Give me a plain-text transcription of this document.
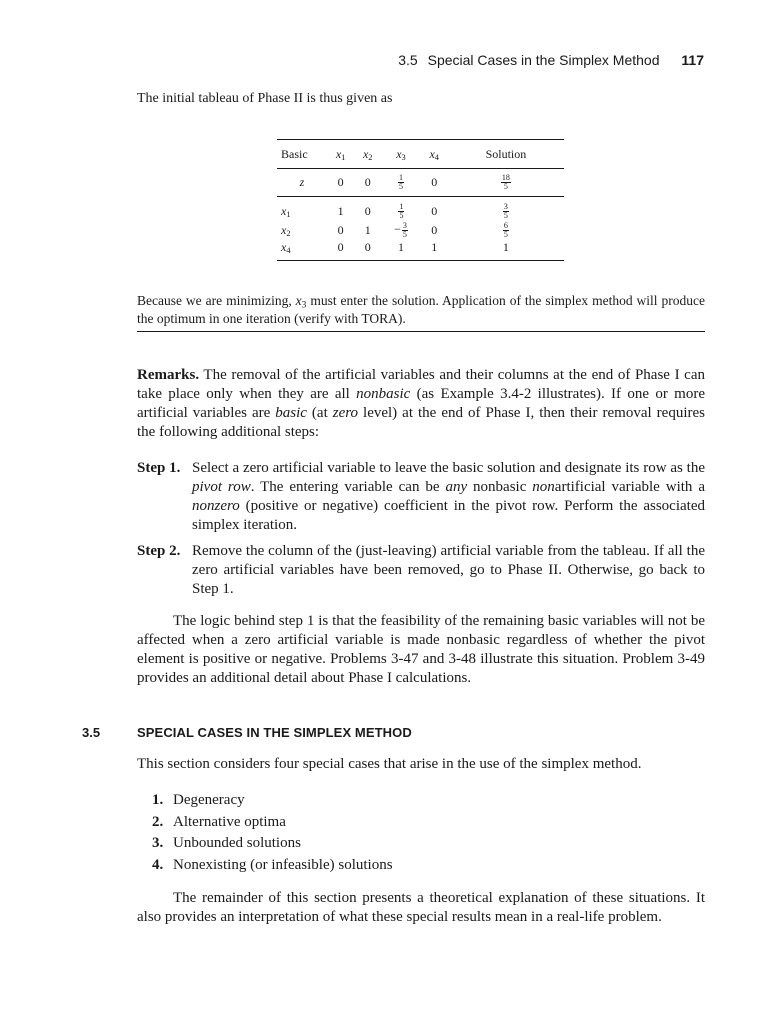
3.5 Special Cases in the Simplex Method 117
The initial tableau of Phase II is thus given as
Basic	$x_1$	$x_2$	$x_3$	$x_4$	Solution
z	0	0	$\frac{1}{5}$	0	$\frac{18}{5}$

$x_1$	1	0	$\frac{1}{5}$	0	$\frac{3}{5}$

$x_2$	0	1	− $\frac{3}{5}$	0	$\frac{6}{5}$

$x_4$	0	0	1	1	1
Because we are minimizing, $x_3$ must enter the solution. Application of the simplex method will produce the optimum in one iteration (verify with TORA).
Remarks. The removal of the artificial variables and their columns at the end of Phase I can take place only when they are all nonbasic (as Example 3.4-2 illustrates). If one or more artificial variables are basic (at zero level) at the end of Phase I, then their removal requires the following additional steps:
Step 1. Select a zero artificial variable to leave the basic solution and designate its row as the pivot row. The entering variable can be any nonbasic nonartificial variable with a nonzero (positive or negative) coefficient in the pivot row. Perform the associated simplex iteration.
Step 2. Remove the column of the (just-leaving) artificial variable from the tableau. If all the zero artificial variables have been removed, go to Phase II. Otherwise, go back to Step 1.
The logic behind step 1 is that the feasibility of the remaining basic variables will not be affected when a zero artificial variable is made nonbasic regardless of whether the pivot element is positive or negative. Problems 3-47 and 3-48 illustrate this situation. Problem 3-49 provides an additional detail about Phase I calculations.
3.5	SPECIAL CASES IN THE SIMPLEX METHOD
This section considers four special cases that arise in the use of the simplex method.
1. Degeneracy
2. Alternative optima
3. Unbounded solutions
4. Nonexisting (or infeasible) solutions
The remainder of this section presents a theoretical explanation of these situations. It also provides an interpretation of what these special results mean in a real-life problem.
